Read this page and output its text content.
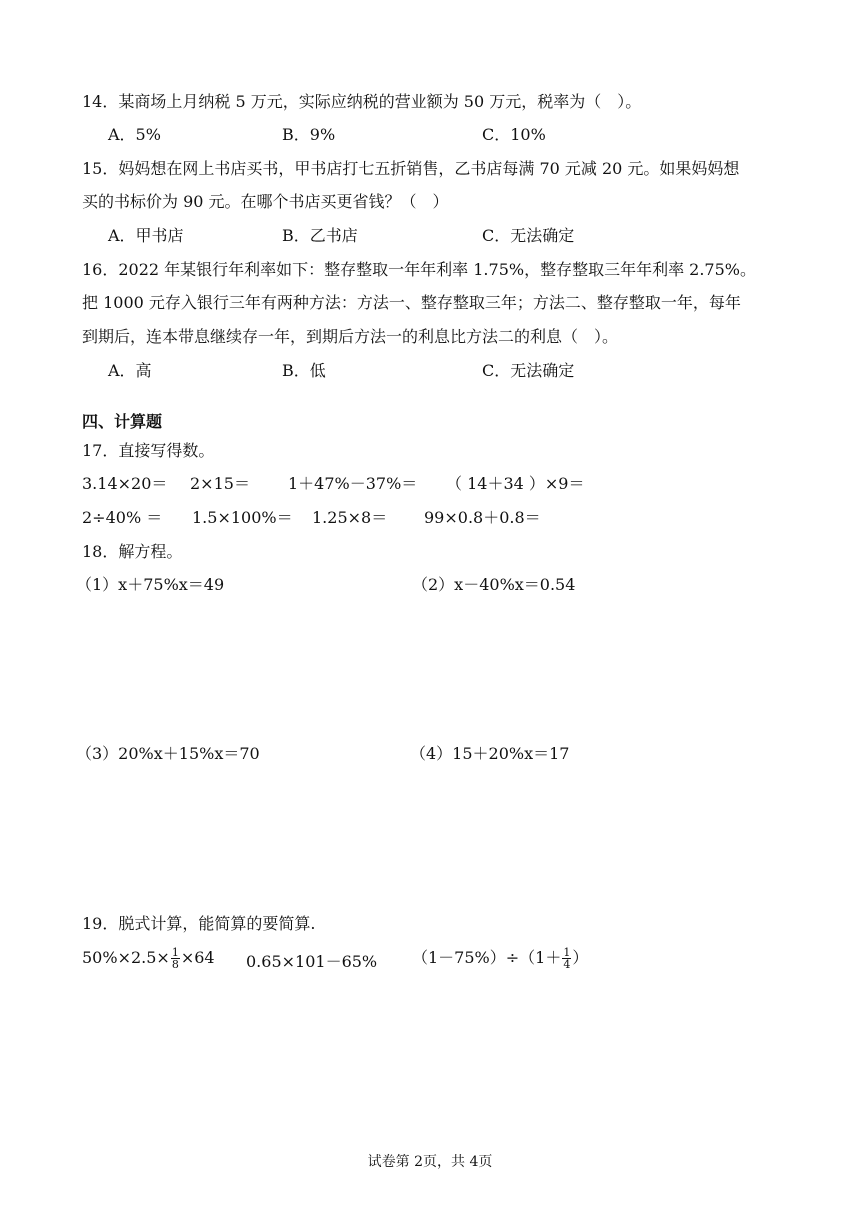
14．某商场上月纳税 5 万元，实际应纳税的营业额为 50 万元，税率为（　）。
A．5%	B．9%	C．10%
15．妈妈想在网上书店买书，甲书店打七五折销售，乙书店每满 70 元减 20 元。如果妈妈想
买的书标价为 90 元。在哪个书店买更省钱？（　）
A．甲书店	B．乙书店	C．无法确定
16．2022 年某银行年利率如下：整存整取一年年利率 1.75%，整存整取三年年利率 2.75%。
把 1000 元存入银行三年有两种方法：方法一、整存整取三年；方法二、整存整取一年，每年
到期后，连本带息继续存一年，到期后方法一的利息比方法二的利息（　）。
A．高	B．低	C．无法确定
四、计算题
17．直接写得数。
3.14×20＝ 2×15＝ 1＋47%－37%＝ （ 14＋34 ）×9＝
2÷40% ＝ 1.5×100%＝ 1.25×8＝ 99×0.8＋0.8＝
18．解方程。
（1）x＋75%x＝49	（2）x－40%x＝0.54
（3）20%x＋15%x＝70	（4）15＋20%x＝17
19．脱式计算，能简算的要简算.
$50\%\times 2.5\times \frac{1}{8} \times 64$ 0.65×101－65% $(1-75\%)\div(1+ \frac{1}{4}$ ）
试卷第 2页，共 4页
